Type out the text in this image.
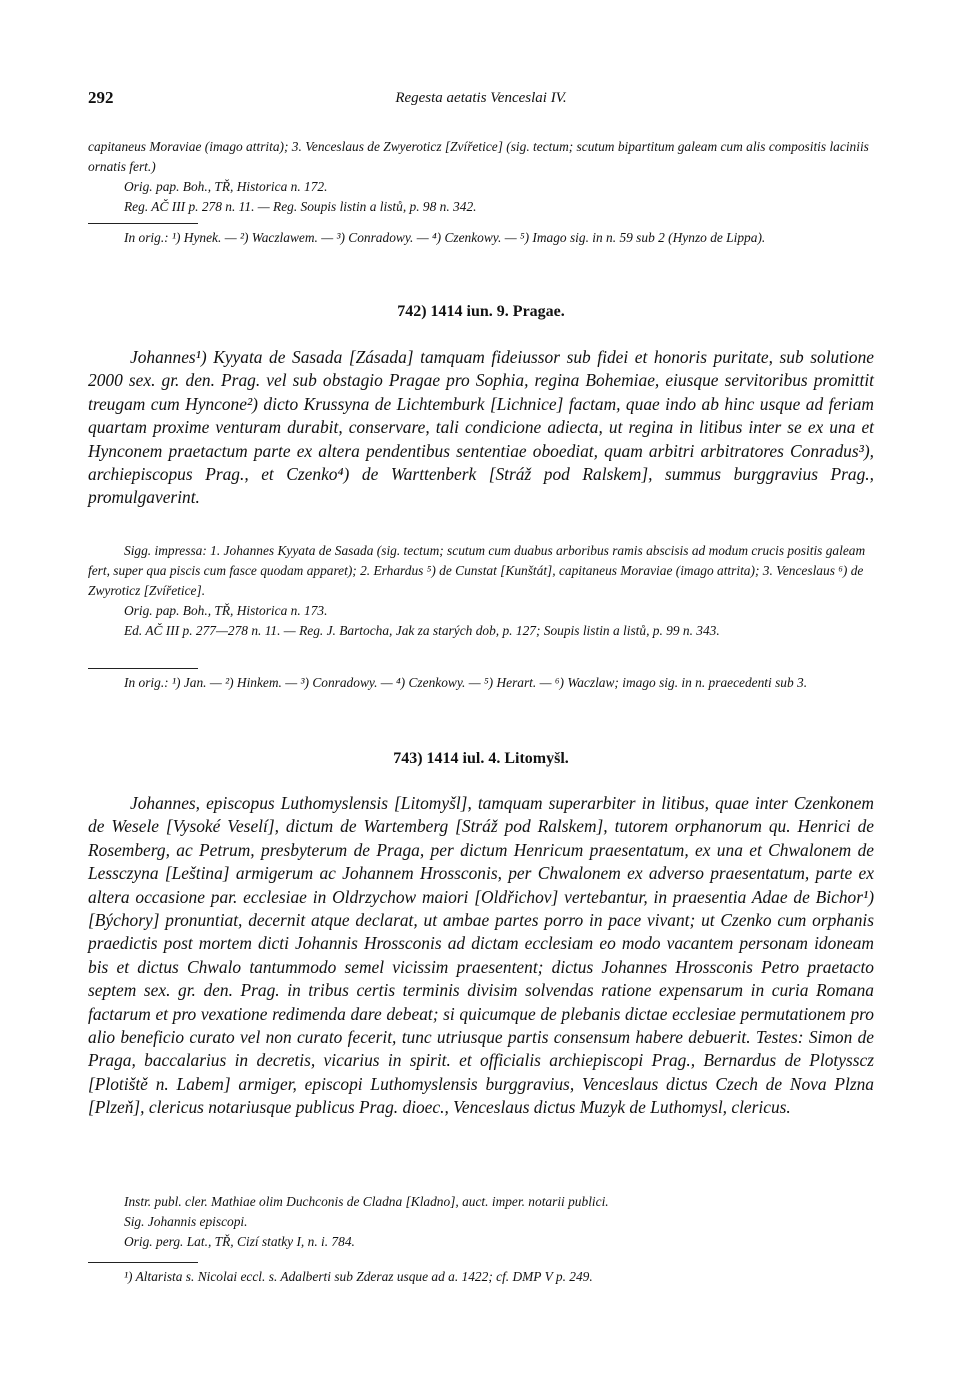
292	Regesta aetatis Venceslai IV.

capitaneus Moraviae (imago attrita); 3. Venceslaus de Zwyeroticz [Zvířetice] (sig. tectum; scutum bipartitum galeam cum alis compositis laciniis ornatis fert.)

Orig. pap. Boh., TŘ, Historica n. 172.

Reg. AČ III p. 278 n. 11. — Reg. Soupis listin a listů, p. 98 n. 342.

In orig.: ¹) Hynek. — ²) Waczlawem. — ³) Conradowy. — ⁴) Czenkowy. — ⁵) Imago sig. in n. 59 sub 2 (Hynzo de Lippa).

742) 1414 iun. 9. Pragae.

Johannes¹) Kyyata de Sasada [Zásada] tamquam fideiussor sub fidei et honoris puritate, sub solutione 2000 sex. gr. den. Prag. vel sub obstagio Pragae pro Sophia, regina Bohemiae, eiusque servitoribus promittit treugam cum Hyncone²) dicto Krussyna de Lichtemburk [Lichnice] factam, quae indo ab hinc usque ad feriam quartam proxime venturam durabit, conservare, tali condicione adiecta, ut regina in litibus inter se ex una et Hynconem praetactum parte ex altera pendentibus sententiae oboediat, quam arbitri arbitratores Conradus³), archiepiscopus Prag., et Czenko⁴) de Warttenberk [Stráž pod Ralskem], summus burggravius Prag., promulgaverint.

Sigg. impressa: 1. Johannes Kyyata de Sasada (sig. tectum; scutum cum duabus arboribus ramis abscisis ad modum crucis positis galeam fert, super qua piscis cum fasce quodam apparet); 2. Erhardus ⁵) de Cunstat [Kunštát], capitaneus Moraviae (imago attrita); 3. Venceslaus ⁶) de Zwyroticz [Zvířetice].

Orig. pap. Boh., TŘ, Historica n. 173.

Ed. AČ III p. 277—278 n. 11. — Reg. J. Bartocha, Jak za starých dob, p. 127; Soupis listin a listů, p. 99 n. 343.

In orig.: ¹) Jan. — ²) Hinkem. — ³) Conradowy. — ⁴) Czenkowy. — ⁵) Herart. — ⁶) Waczlaw; imago sig. in n. praecedenti sub 3.

743) 1414 iul. 4. Litomyšl.

Johannes, episcopus Luthomyslensis [Litomyšl], tamquam superarbiter in litibus, quae inter Czenkonem de Wesele [Vysoké Veselí], dictum de Wartemberg [Stráž pod Ralskem], tutorem orphanorum qu. Henrici de Rosemberg, ac Petrum, presbyterum de Praga, per dictum Henricum praesentatum, ex una et Chwalonem de Lessczyna [Leština] armigerum ac Johannem Hrossconis, per Chwalonem ex adverso praesentatum, parte ex altera occasione par. ecclesiae in Oldrzychow maiori [Oldřichov] vertebantur, in praesentia Adae de Bichor¹) [Býchory] pronuntiat, decernit atque declarat, ut ambae partes porro in pace vivant; ut Czenko cum orphanis praedictis post mortem dicti Johannis Hrossconis ad dictam ecclesiam eo modo vacantem personam idoneam bis et dictus Chwalo tantummodo semel vicissim praesentent; dictus Johannes Hrossconis Petro praetacto septem sex. gr. den. Prag. in tribus certis terminis divisim solvendas ratione expensarum in curia Romana factarum et pro vexatione redimenda dare debeat; si quicumque de plebanis dictae ecclesiae permutationem pro alio beneficio curato vel non curato fecerit, tunc utriusque partis consensum habere debuerit. Testes: Simon de Praga, baccalarius in decretis, vicarius in spirit. et officialis archiepiscopi Prag., Bernardus de Plotysscz [Plotiště n. Labem] armiger, episcopi Luthomyslensis burggravius, Venceslaus dictus Czech de Nova Plzna [Plzeň], clericus notariusque publicus Prag. dioec., Venceslaus dictus Muzyk de Luthomysl, clericus.

Instr. publ. cler. Mathiae olim Duchconis de Cladna [Kladno], auct. imper. notarii publici.

Sig. Johannis episcopi.

Orig. perg. Lat., TŘ, Cizí statky I, n. i. 784.

¹) Altarista s. Nicolai eccl. s. Adalberti sub Zderaz usque ad a. 1422; cf. DMP V p. 249.
